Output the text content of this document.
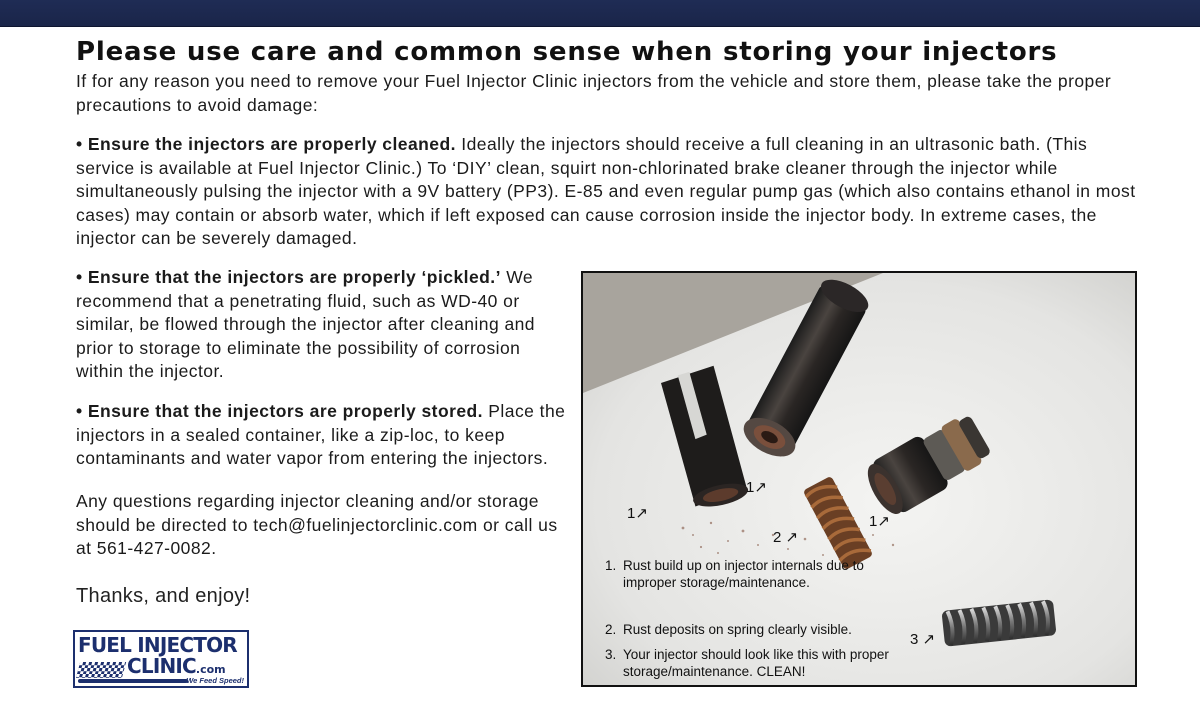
Please use care and common sense when storing your injectors

If for any reason you need to remove your Fuel Injector Clinic injectors from the vehicle and store them, please take the proper precautions to avoid damage:

• Ensure the injectors are properly cleaned. Ideally the injectors should receive a full cleaning in an ultrasonic bath. (This service is available at Fuel Injector Clinic.) To ‘DIY’ clean, squirt non-chlorinated brake cleaner through the injector while simultaneously pulsing the injector with a 9V battery (PP3). E-85 and even regular pump gas (which also contains ethanol in most cases) may contain or absorb water, which if left exposed can cause corrosion inside the injector body. In extreme cases, the injector can be severely damaged.

• Ensure that the injectors are properly ‘pickled.’ We recommend that a penetrating fluid, such as WD-40 or similar, be flowed through the injector after cleaning and prior to storage to eliminate the possibility of corrosion within the injector.

• Ensure that the injectors are properly stored. Place the injectors in a sealed container, like a zip-loc, to keep contaminants and water vapor from entering the injectors.

Any questions regarding injector cleaning and/or storage should be directed to tech@fuelinjectorclinic.com or call us at 561-427-0082.

Thanks, and enjoy!

FUEL INJECTOR
CLINIC.com
We Feed Speed!
1↗
1↗	1↗
2 ↗
3 ↗

1. Rust build up on injector internals due to improper storage/maintenance.

2. Rust deposits on spring clearly visible.

3. Your injector should look like this with proper storage/maintenance. CLEAN!
